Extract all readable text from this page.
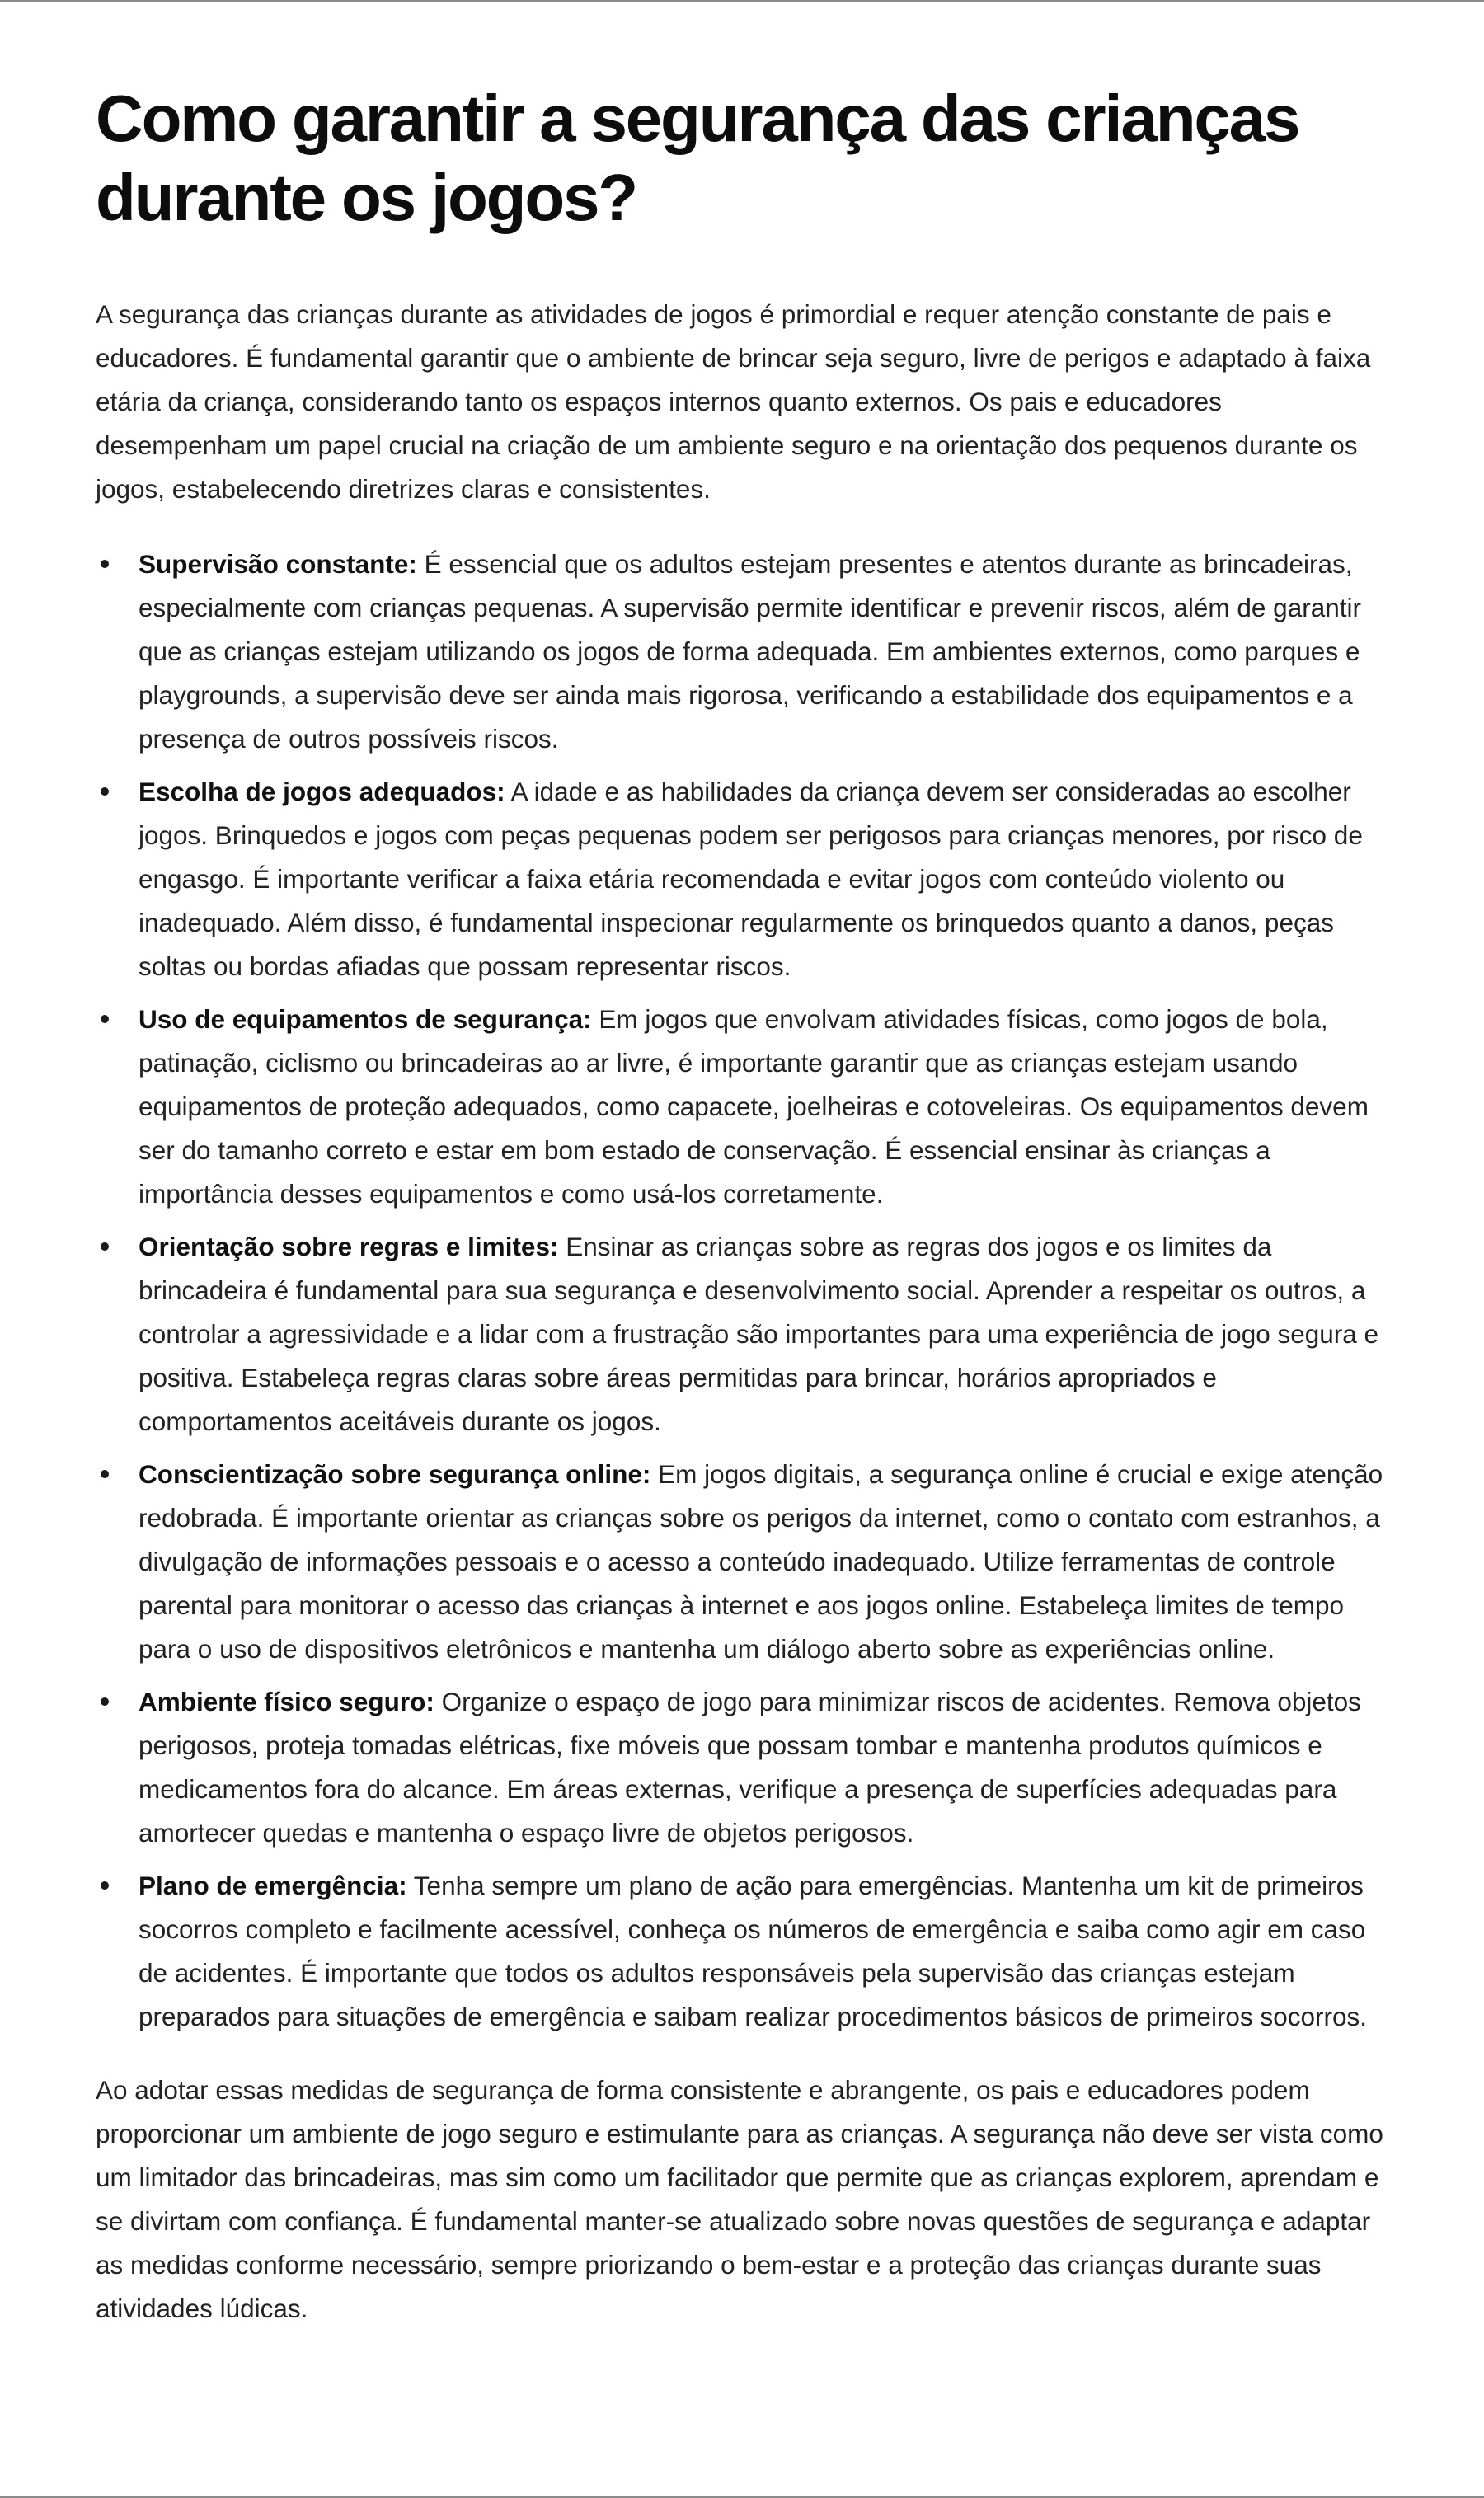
Como garantir a segurança das crianças durante os jogos?

A segurança das crianças durante as atividades de jogos é primordial e requer atenção constante de pais e educadores. É fundamental garantir que o ambiente de brincar seja seguro, livre de perigos e adaptado à faixa etária da criança, considerando tanto os espaços internos quanto externos. Os pais e educadores desempenham um papel crucial na criação de um ambiente seguro e na orientação dos pequenos durante os jogos, estabelecendo diretrizes claras e consistentes.

Supervisão constante: É essencial que os adultos estejam presentes e atentos durante as brincadeiras, especialmente com crianças pequenas. A supervisão permite identificar e prevenir riscos, além de garantir que as crianças estejam utilizando os jogos de forma adequada. Em ambientes externos, como parques e playgrounds, a supervisão deve ser ainda mais rigorosa, verificando a estabilidade dos equipamentos e a presença de outros possíveis riscos.
Escolha de jogos adequados: A idade e as habilidades da criança devem ser consideradas ao escolher jogos. Brinquedos e jogos com peças pequenas podem ser perigosos para crianças menores, por risco de engasgo. É importante verificar a faixa etária recomendada e evitar jogos com conteúdo violento ou inadequado. Além disso, é fundamental inspecionar regularmente os brinquedos quanto a danos, peças soltas ou bordas afiadas que possam representar riscos.
Uso de equipamentos de segurança: Em jogos que envolvam atividades físicas, como jogos de bola, patinação, ciclismo ou brincadeiras ao ar livre, é importante garantir que as crianças estejam usando equipamentos de proteção adequados, como capacete, joelheiras e cotoveleiras. Os equipamentos devem ser do tamanho correto e estar em bom estado de conservação. É essencial ensinar às crianças a importância desses equipamentos e como usá-los corretamente.
Orientação sobre regras e limites: Ensinar as crianças sobre as regras dos jogos e os limites da brincadeira é fundamental para sua segurança e desenvolvimento social. Aprender a respeitar os outros, a controlar a agressividade e a lidar com a frustração são importantes para uma experiência de jogo segura e positiva. Estabeleça regras claras sobre áreas permitidas para brincar, horários apropriados e comportamentos aceitáveis durante os jogos.
Conscientização sobre segurança online: Em jogos digitais, a segurança online é crucial e exige atenção redobrada. É importante orientar as crianças sobre os perigos da internet, como o contato com estranhos, a divulgação de informações pessoais e o acesso a conteúdo inadequado. Utilize ferramentas de controle parental para monitorar o acesso das crianças à internet e aos jogos online. Estabeleça limites de tempo para o uso de dispositivos eletrônicos e mantenha um diálogo aberto sobre as experiências online.
Ambiente físico seguro: Organize o espaço de jogo para minimizar riscos de acidentes. Remova objetos perigosos, proteja tomadas elétricas, fixe móveis que possam tombar e mantenha produtos químicos e medicamentos fora do alcance. Em áreas externas, verifique a presença de superfícies adequadas para amortecer quedas e mantenha o espaço livre de objetos perigosos.
Plano de emergência: Tenha sempre um plano de ação para emergências. Mantenha um kit de primeiros socorros completo e facilmente acessível, conheça os números de emergência e saiba como agir em caso de acidentes. É importante que todos os adultos responsáveis pela supervisão das crianças estejam preparados para situações de emergência e saibam realizar procedimentos básicos de primeiros socorros.

Ao adotar essas medidas de segurança de forma consistente e abrangente, os pais e educadores podem proporcionar um ambiente de jogo seguro e estimulante para as crianças. A segurança não deve ser vista como um limitador das brincadeiras, mas sim como um facilitador que permite que as crianças explorem, aprendam e se divirtam com confiança. É fundamental manter-se atualizado sobre novas questões de segurança e adaptar as medidas conforme necessário, sempre priorizando o bem-estar e a proteção das crianças durante suas atividades lúdicas.
